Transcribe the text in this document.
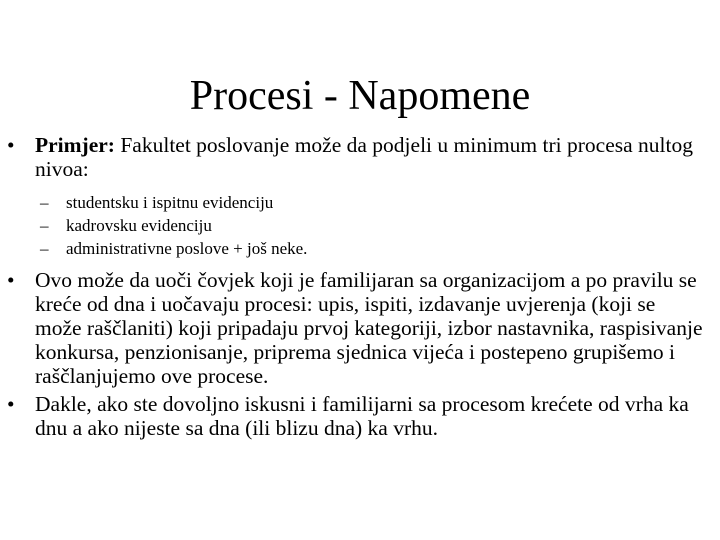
Procesi - Napomene
• Primjer: Fakultet poslovanje može da podjeli u minimum tri procesa nultog nivoa:
– studentsku i ispitnu evidenciju
– kadrovsku evidenciju
– administrativne poslove + još neke.
• Ovo može da uoči čovjek koji je familijaran sa organizacijom a po pravilu se kreće od dna i uočavaju procesi: upis, ispiti, izdavanje uvjerenja (koji se može raščlaniti) koji pripadaju prvoj kategoriji, izbor nastavnika, raspisivanje konkursa, penzionisanje, priprema sjednica vijeća i postepeno grupišemo i raščlanjujemo ove procese.
• Dakle, ako ste dovoljno iskusni i familijarni sa procesom krećete od vrha ka dnu a ako nijeste sa dna (ili blizu dna) ka vrhu.
